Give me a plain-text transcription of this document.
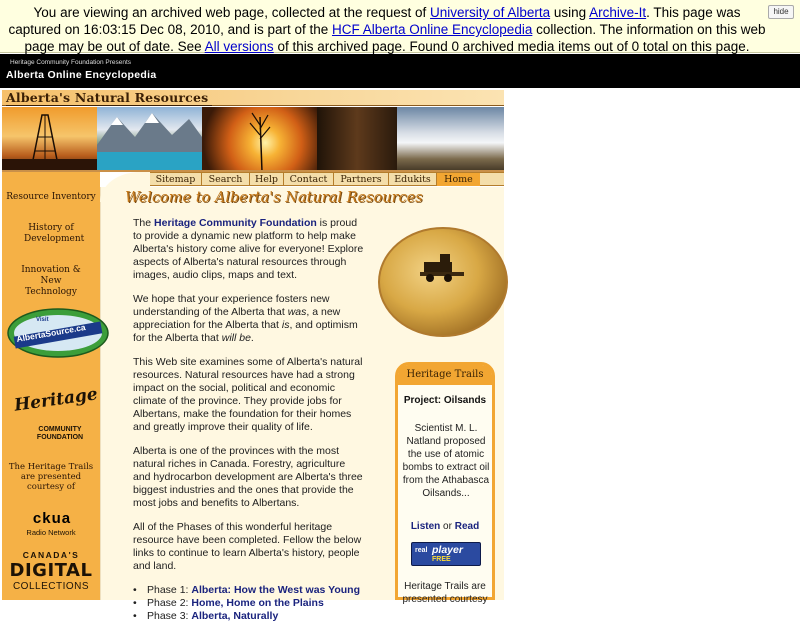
You are viewing an archived web page, collected at the request of University of Alberta using Archive-It. This page was captured on 16:03:15 Dec 08, 2010, and is part of the HCF Alberta Online Encyclopedia collection. The information on this web page may be out of date. See All versions of this archived page. Found 0 archived media items out of 0 total on this page.
hide
Heritage Community Foundation Presents
Alberta Online Encyclopedia
Alberta's Natural Resources
Sitemap	Search	Help	Contact	Partners	Edukits	Home
Resource Inventory
History of Development
Innovation & New Technology
Visit
AlbertaSource.ca
Heritage
COMMUNITY FOUNDATION
The Heritage Trails are presented courtesy of
ckua
Radio Network
CANADA'S
DIGITAL
COLLECTIONS
Welcome to Alberta's Natural Resources

The Heritage Community Foundation is proud to provide a dynamic new platform to help make Alberta's history come alive for everyone! Explore aspects of Alberta's natural resources through images, audio clips, maps and text.

We hope that your experience fosters new understanding of the Alberta that was, a new appreciation for the Alberta that is, and optimism for the Alberta that will be.

This Web site examines some of Alberta's natural resources. Natural resources have had a strong impact on the social, political and economic climate of the province. They provide jobs for Albertans, make the foundation for their homes and greatly improve their quality of life.

Alberta is one of the provinces with the most natural riches in Canada. Forestry, agriculture and hydrocarbon development are Alberta's three biggest industries and the ones that provide the most jobs and benefits to Albertans.

All of the Phases of this wonderful heritage resource have been completed. Fellow the below links to continue to learn Alberta's history, people and land.

• Phase 1: Alberta: How the West was Young
• Phase 2: Home, Home on the Plains
• Phase 3: Alberta, Naturally
Heritage Trails
Project: Oilsands
Scientist M. L. Natland proposed the use of atomic bombs to extract oil from the Athabasca Oilsands...
Listen or Read
real player
FREE
Heritage Trails are presented courtesy
